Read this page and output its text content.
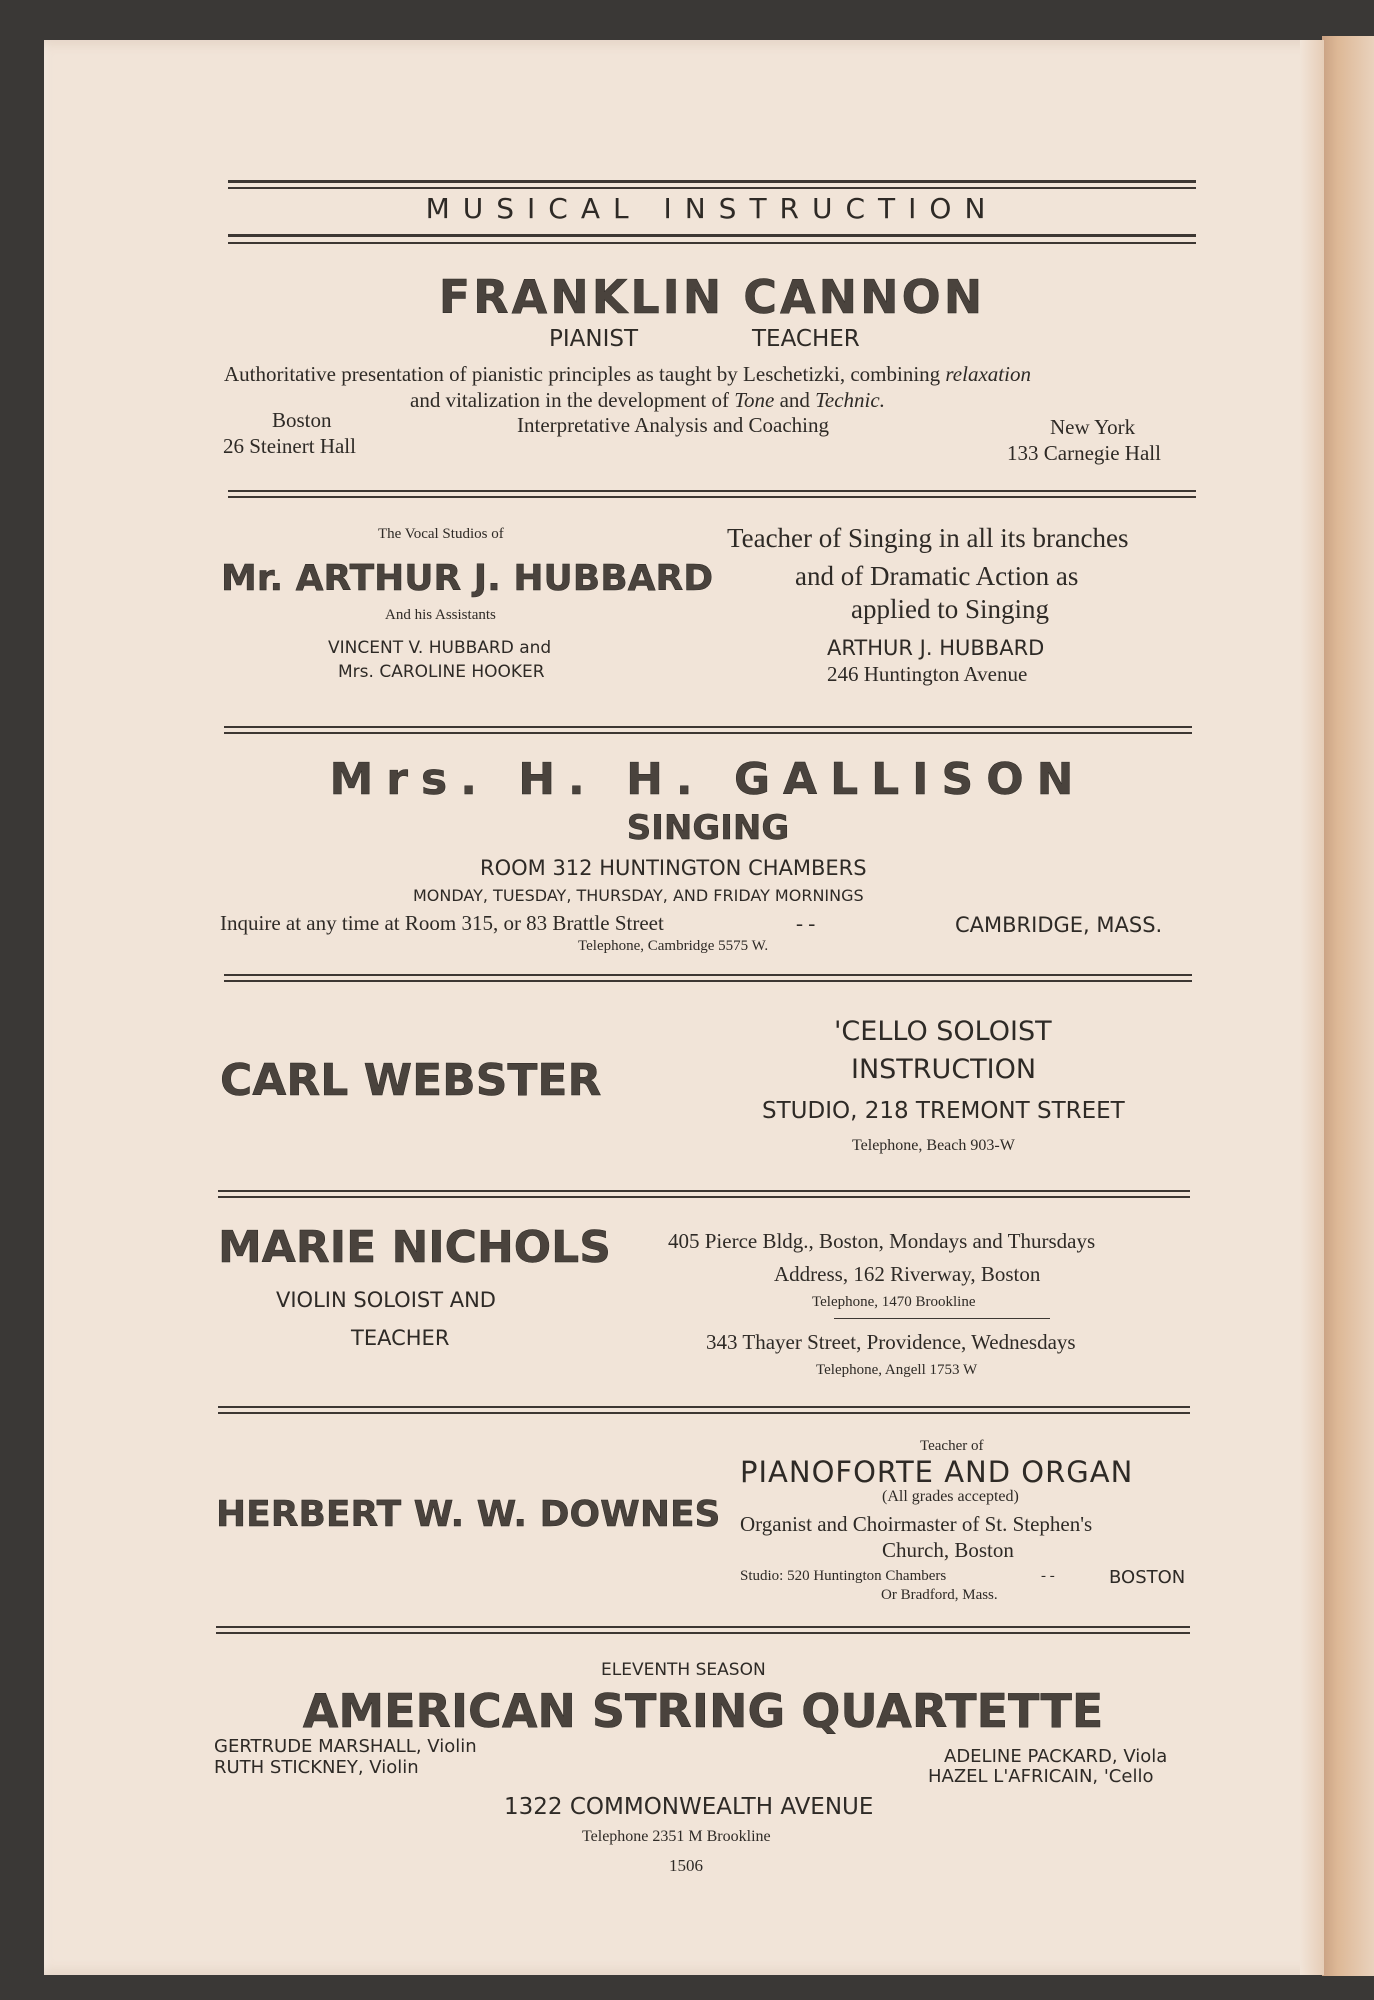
MUSICAL INSTRUCTION
FRANKLIN CANNON
PIANIST	TEACHER
Authoritative presentation of pianistic principles as taught by Leschetizki, combining relaxation
and vitalization in the development of Tone and Technic.
Boston
26 Steinert Hall
Interpretative Analysis and Coaching	New York
133 Carnegie Hall
The Vocal Studios of
Mr. ARTHUR J. HUBBARD
And his Assistants
VINCENT V. HUBBARD and
Mrs. CAROLINE HOOKER
Teacher of Singing in all its branches
and of Dramatic Action as
applied to Singing
ARTHUR J. HUBBARD
246 Huntington Avenue
Mrs. H. H. GALLISON
SINGING
ROOM 312 HUNTINGTON CHAMBERS
MONDAY, TUESDAY, THURSDAY, AND FRIDAY MORNINGS
Inquire at any time at Room 315, or 83 Brattle Street	- -	CAMBRIDGE, MASS.
Telephone, Cambridge 5575 W.
CARL WEBSTER
'CELLO SOLOIST
INSTRUCTION
STUDIO, 218 TREMONT STREET
Telephone, Beach 903-W
MARIE NICHOLS
VIOLIN SOLOIST AND
TEACHER
405 Pierce Bldg., Boston, Mondays and Thursdays
Address, 162 Riverway, Boston
Telephone, 1470 Brookline
343 Thayer Street, Providence, Wednesdays
Telephone, Angell 1753 W
Teacher of
PIANOFORTE AND ORGAN
(All grades accepted)
HERBERT W. W. DOWNES Organist and Choirmaster of St. Stephen's
Church, Boston
Studio: 520 Huntington Chambers	- -	BOSTON
Or Bradford, Mass.
ELEVENTH SEASON
AMERICAN STRING QUARTETTE
GERTRUDE MARSHALL, Violin
RUTH STICKNEY, Violin
ADELINE PACKARD, Viola
HAZEL L'AFRICAIN, 'Cello
1322 COMMONWEALTH AVENUE
Telephone 2351 M Brookline
1506
